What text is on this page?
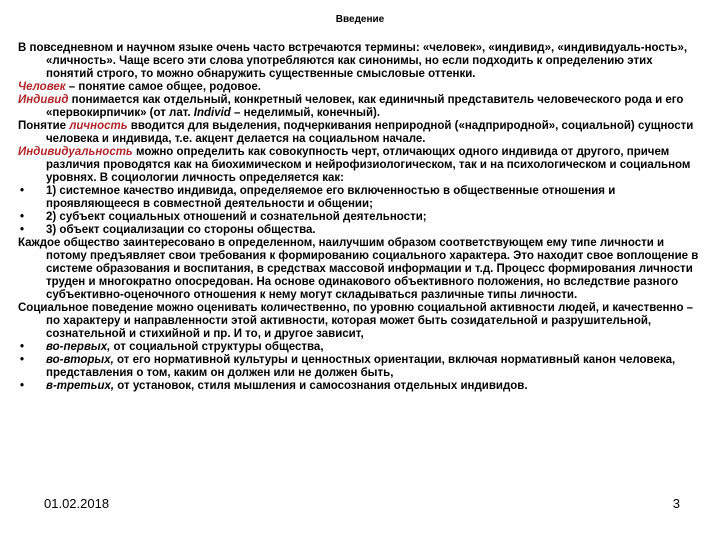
Введение

В повседневном и научном языке очень часто встречаются термины: «человек», «индивид», «индивидуаль-ность», «личность». Чаще всего эти слова употребляются как синонимы, но если подходить к определению этих понятий строго, то можно обнаружить существенные смысловые оттенки.

Человек – понятие самое общее, родовое.

Индивид понимается как отдельный, конкретный человек, как единичный представитель человеческого рода и его «первокирпичик» (от лат. Individ – неделимый, конечный).

Понятие личность вводится для выделения, подчеркивания неприродной («надприродной», социальной) сущности человека и индивида, т.е. акцент делается на социальном начале.

Индивидуальность можно определить как совокупность черт, отличающих одного индивида от другого, причем различия проводятся как на биохимическом и нейрофизиологическом, так и на психологическом и социальном уровнях. В социологии личность определяется как:

• 1) системное качество индивида, определяемое его включенностью в общественные отношения и проявляющееся в совместной деятельности и общении;

• 2) субъект социальных отношений и сознательной деятельности;

• 3) объект социализации со стороны общества.

Каждое общество заинтересовано в определенном, наилучшим образом соответствующем ему типе личности и потому предъявляет свои требования к формированию социального характера. Это находит свое воплощение в системе образования и воспитания, в средствах массовой информации и т.д. Процесс формирования личности труден и многократно опосредован. На основе одинакового объективного положения, но вследствие разного субъективно-оценочного отношения к нему могут складываться различные типы личности.

Социальное поведение можно оценивать количественно, по уровню социальной активности людей, и качественно – по характеру и направленности этой активности, которая может быть созидательной и разрушительной, сознательной и стихийной и пр. И то, и другое зависит,

• во-первых, от социальной структуры общества,

• во-вторых, от его нормативной культуры и ценностных ориентации, включая нормативный канон человека, представления о том, каким он должен или не должен быть,

• в-третьих, от установок, стиля мышления и самосознания отдельных индивидов.

01.02.2018	3
